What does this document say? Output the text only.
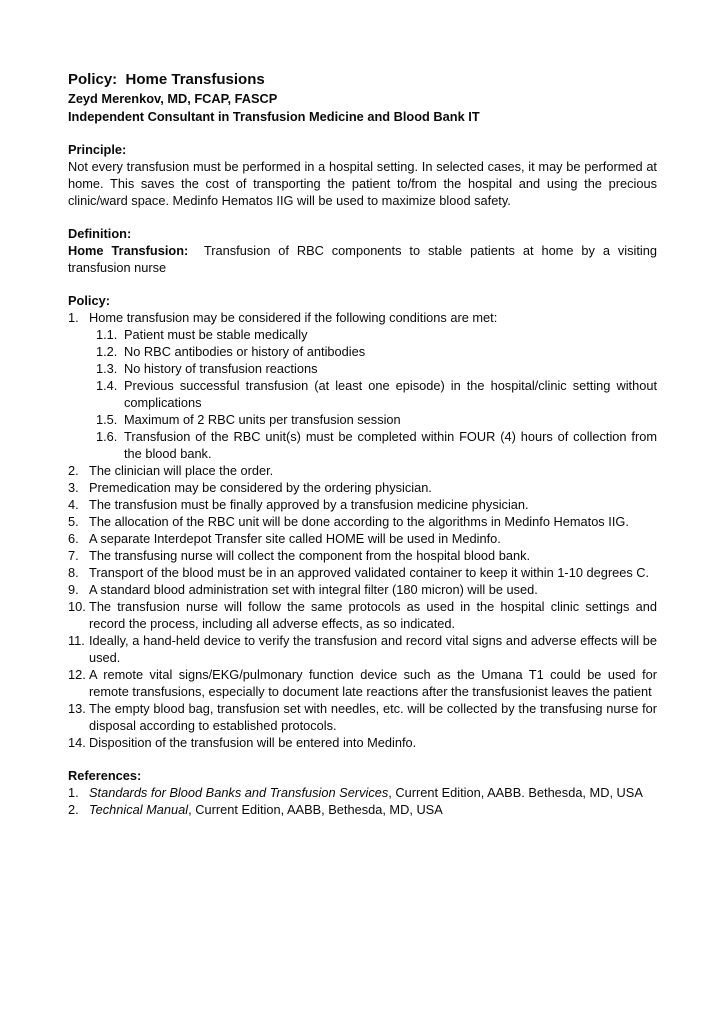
Policy:  Home Transfusions
Zeyd Merenkov, MD, FCAP, FASCP
Independent Consultant in Transfusion Medicine and Blood Bank IT
Principle:

Not every transfusion must be performed in a hospital setting. In selected cases, it may be performed at home. This saves the cost of transporting the patient to/from the hospital and using the precious clinic/ward space. Medinfo Hematos IIG will be used to maximize blood safety.

Definition:

Home Transfusion: Transfusion of RBC components to stable patients at home by a visiting transfusion nurse

Policy:
1. Home transfusion may be considered if the following conditions are met:
1.1. Patient must be stable medically
1.2. No RBC antibodies or history of antibodies
1.3. No history of transfusion reactions
1.4. Previous successful transfusion (at least one episode) in the hospital/clinic setting without complications
1.5. Maximum of 2 RBC units per transfusion session
1.6. Transfusion of the RBC unit(s) must be completed within FOUR (4) hours of collection from the blood bank.
2. The clinician will place the order.
3. Premedication may be considered by the ordering physician.
4. The transfusion must be finally approved by a transfusion medicine physician.
5. The allocation of the RBC unit will be done according to the algorithms in Medinfo Hematos IIG.
6. A separate Interdepot Transfer site called HOME will be used in Medinfo.
7. The transfusing nurse will collect the component from the hospital blood bank.
8. Transport of the blood must be in an approved validated container to keep it within 1-10 degrees C.
9. A standard blood administration set with integral filter (180 micron) will be used.
10. The transfusion nurse will follow the same protocols as used in the hospital clinic settings and record the process, including all adverse effects, as so indicated.
11. Ideally, a hand-held device to verify the transfusion and record vital signs and adverse effects will be used.
12. A remote vital signs/EKG/pulmonary function device such as the Umana T1 could be used for remote transfusions, especially to document late reactions after the transfusionist leaves the patient
13. The empty blood bag, transfusion set with needles, etc. will be collected by the transfusing nurse for disposal according to established protocols.
14. Disposition of the transfusion will be entered into Medinfo.
References:
1. Standards for Blood Banks and Transfusion Services, Current Edition, AABB. Bethesda, MD, USA
2. Technical Manual, Current Edition, AABB, Bethesda, MD, USA
